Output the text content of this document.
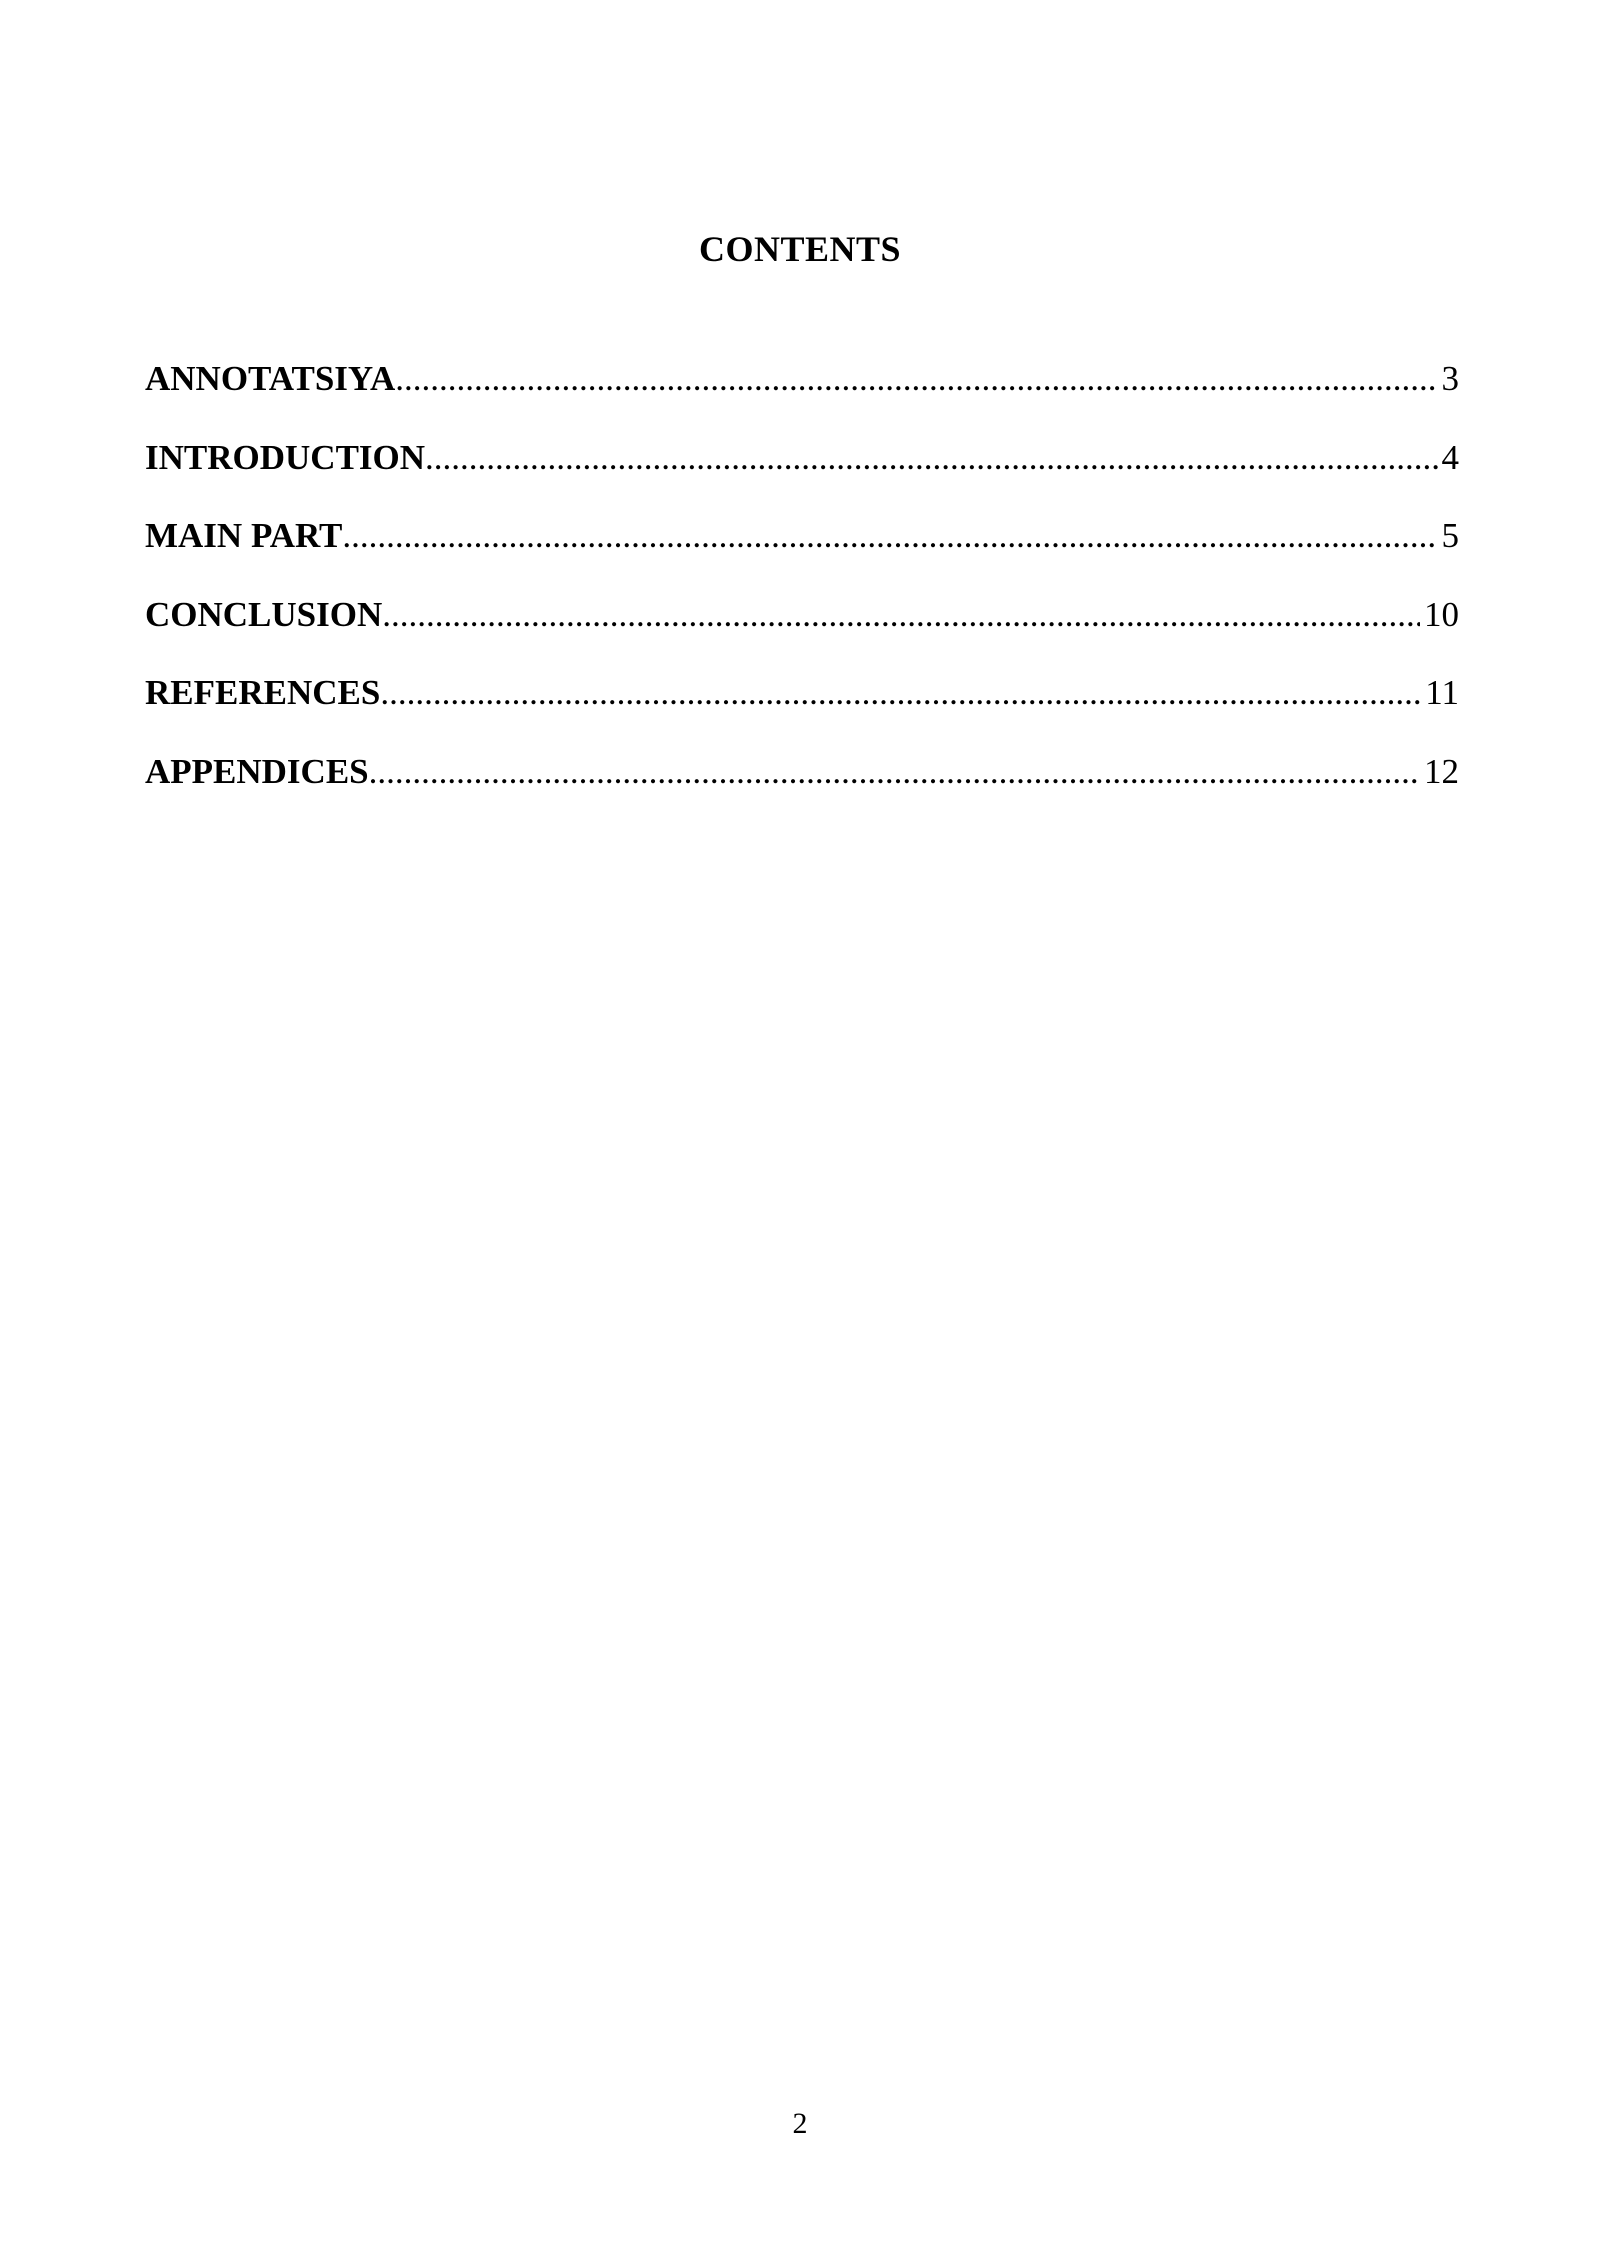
CONTENTS
ANNOTATSIYA .....	3
INTRODUCTION .....	4
MAIN PART .....	5
CONCLUSION .....	10
REFERENCES .....	11
APPENDICES .....	12
2
